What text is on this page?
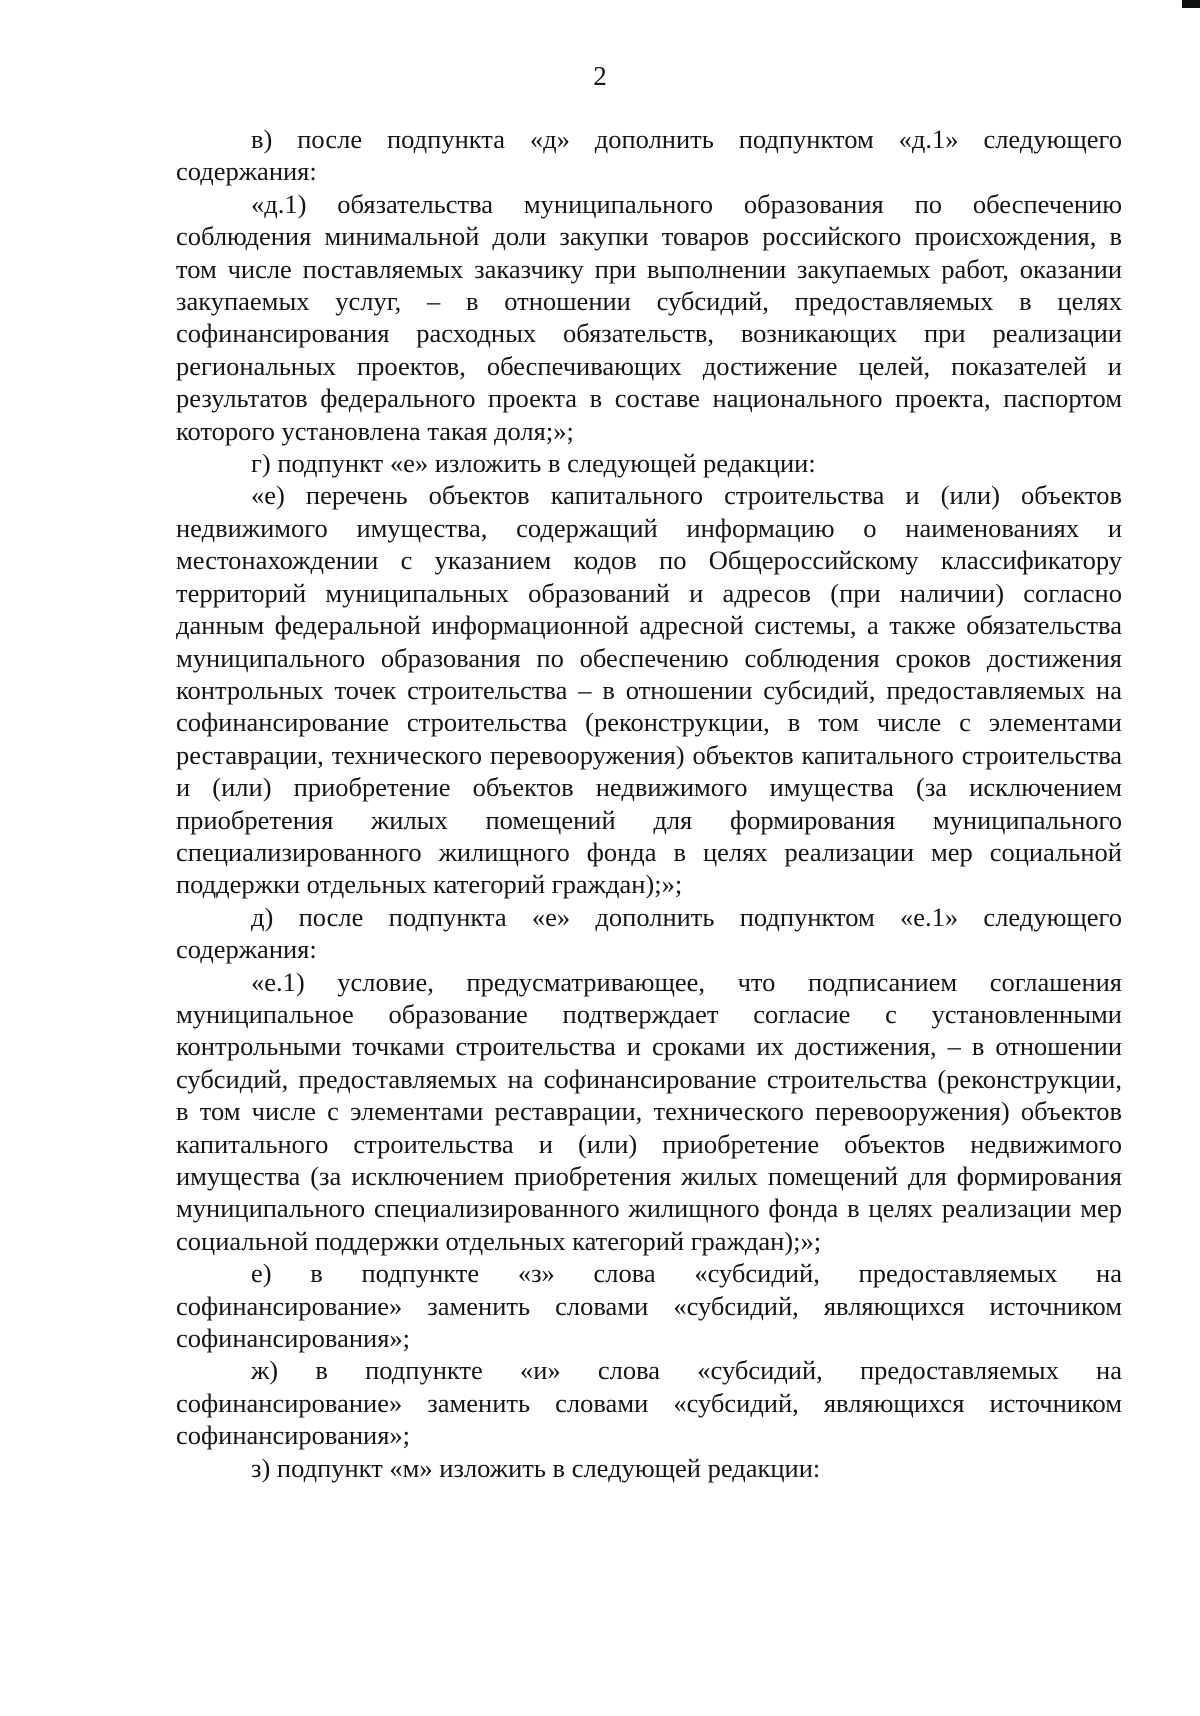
2

в) после подпункта «д» дополнить подпунктом «д.1» следующего содержания:

«д.1) обязательства муниципального образования по обеспечению соблюдения минимальной доли закупки товаров российского происхождения, в том числе поставляемых заказчику при выполнении закупаемых работ, оказании закупаемых услуг, – в отношении субсидий, предоставляемых в целях софинансирования расходных обязательств, возникающих при реализации региональных проектов, обеспечивающих достижение целей, показателей и результатов федерального проекта в составе национального проекта, паспортом которого установлена такая доля;»;

г) подпункт «е» изложить в следующей редакции:

«е) перечень объектов капитального строительства и (или) объектов недвижимого имущества, содержащий информацию о наименованиях и местонахождении с указанием кодов по Общероссийскому классификатору территорий муниципальных образований и адресов (при наличии) согласно данным федеральной информационной адресной системы, а также обязательства муниципального образования по обеспечению соблюдения сроков достижения контрольных точек строительства – в отношении субсидий, предоставляемых на софинансирование строительства (реконструкции, в том числе с элементами реставрации, технического перевооружения) объектов капитального строительства и (или) приобретение объектов недвижимого имущества (за исключением приобретения жилых помещений для формирования муниципального специализированного жилищного фонда в целях реализации мер социальной поддержки отдельных категорий граждан);»;

д) после подпункта «е» дополнить подпунктом «е.1» следующего содержания:

«е.1) условие, предусматривающее, что подписанием соглашения муниципальное образование подтверждает согласие с установленными контрольными точками строительства и сроками их достижения, – в отношении субсидий, предоставляемых на софинансирование строительства (реконструкции, в том числе с элементами реставрации, технического перевооружения) объектов капитального строительства и (или) приобретение объектов недвижимого имущества (за исключением приобретения жилых помещений для формирования муниципального специализированного жилищного фонда в целях реализации мер социальной поддержки отдельных категорий граждан);»;

е) в подпункте «з» слова «субсидий, предоставляемых на софинансирование» заменить словами «субсидий, являющихся источником софинансирования»;

ж) в подпункте «и» слова «субсидий, предоставляемых на софинансирование» заменить словами «субсидий, являющихся источником софинансирования»;

з) подпункт «м» изложить в следующей редакции:
